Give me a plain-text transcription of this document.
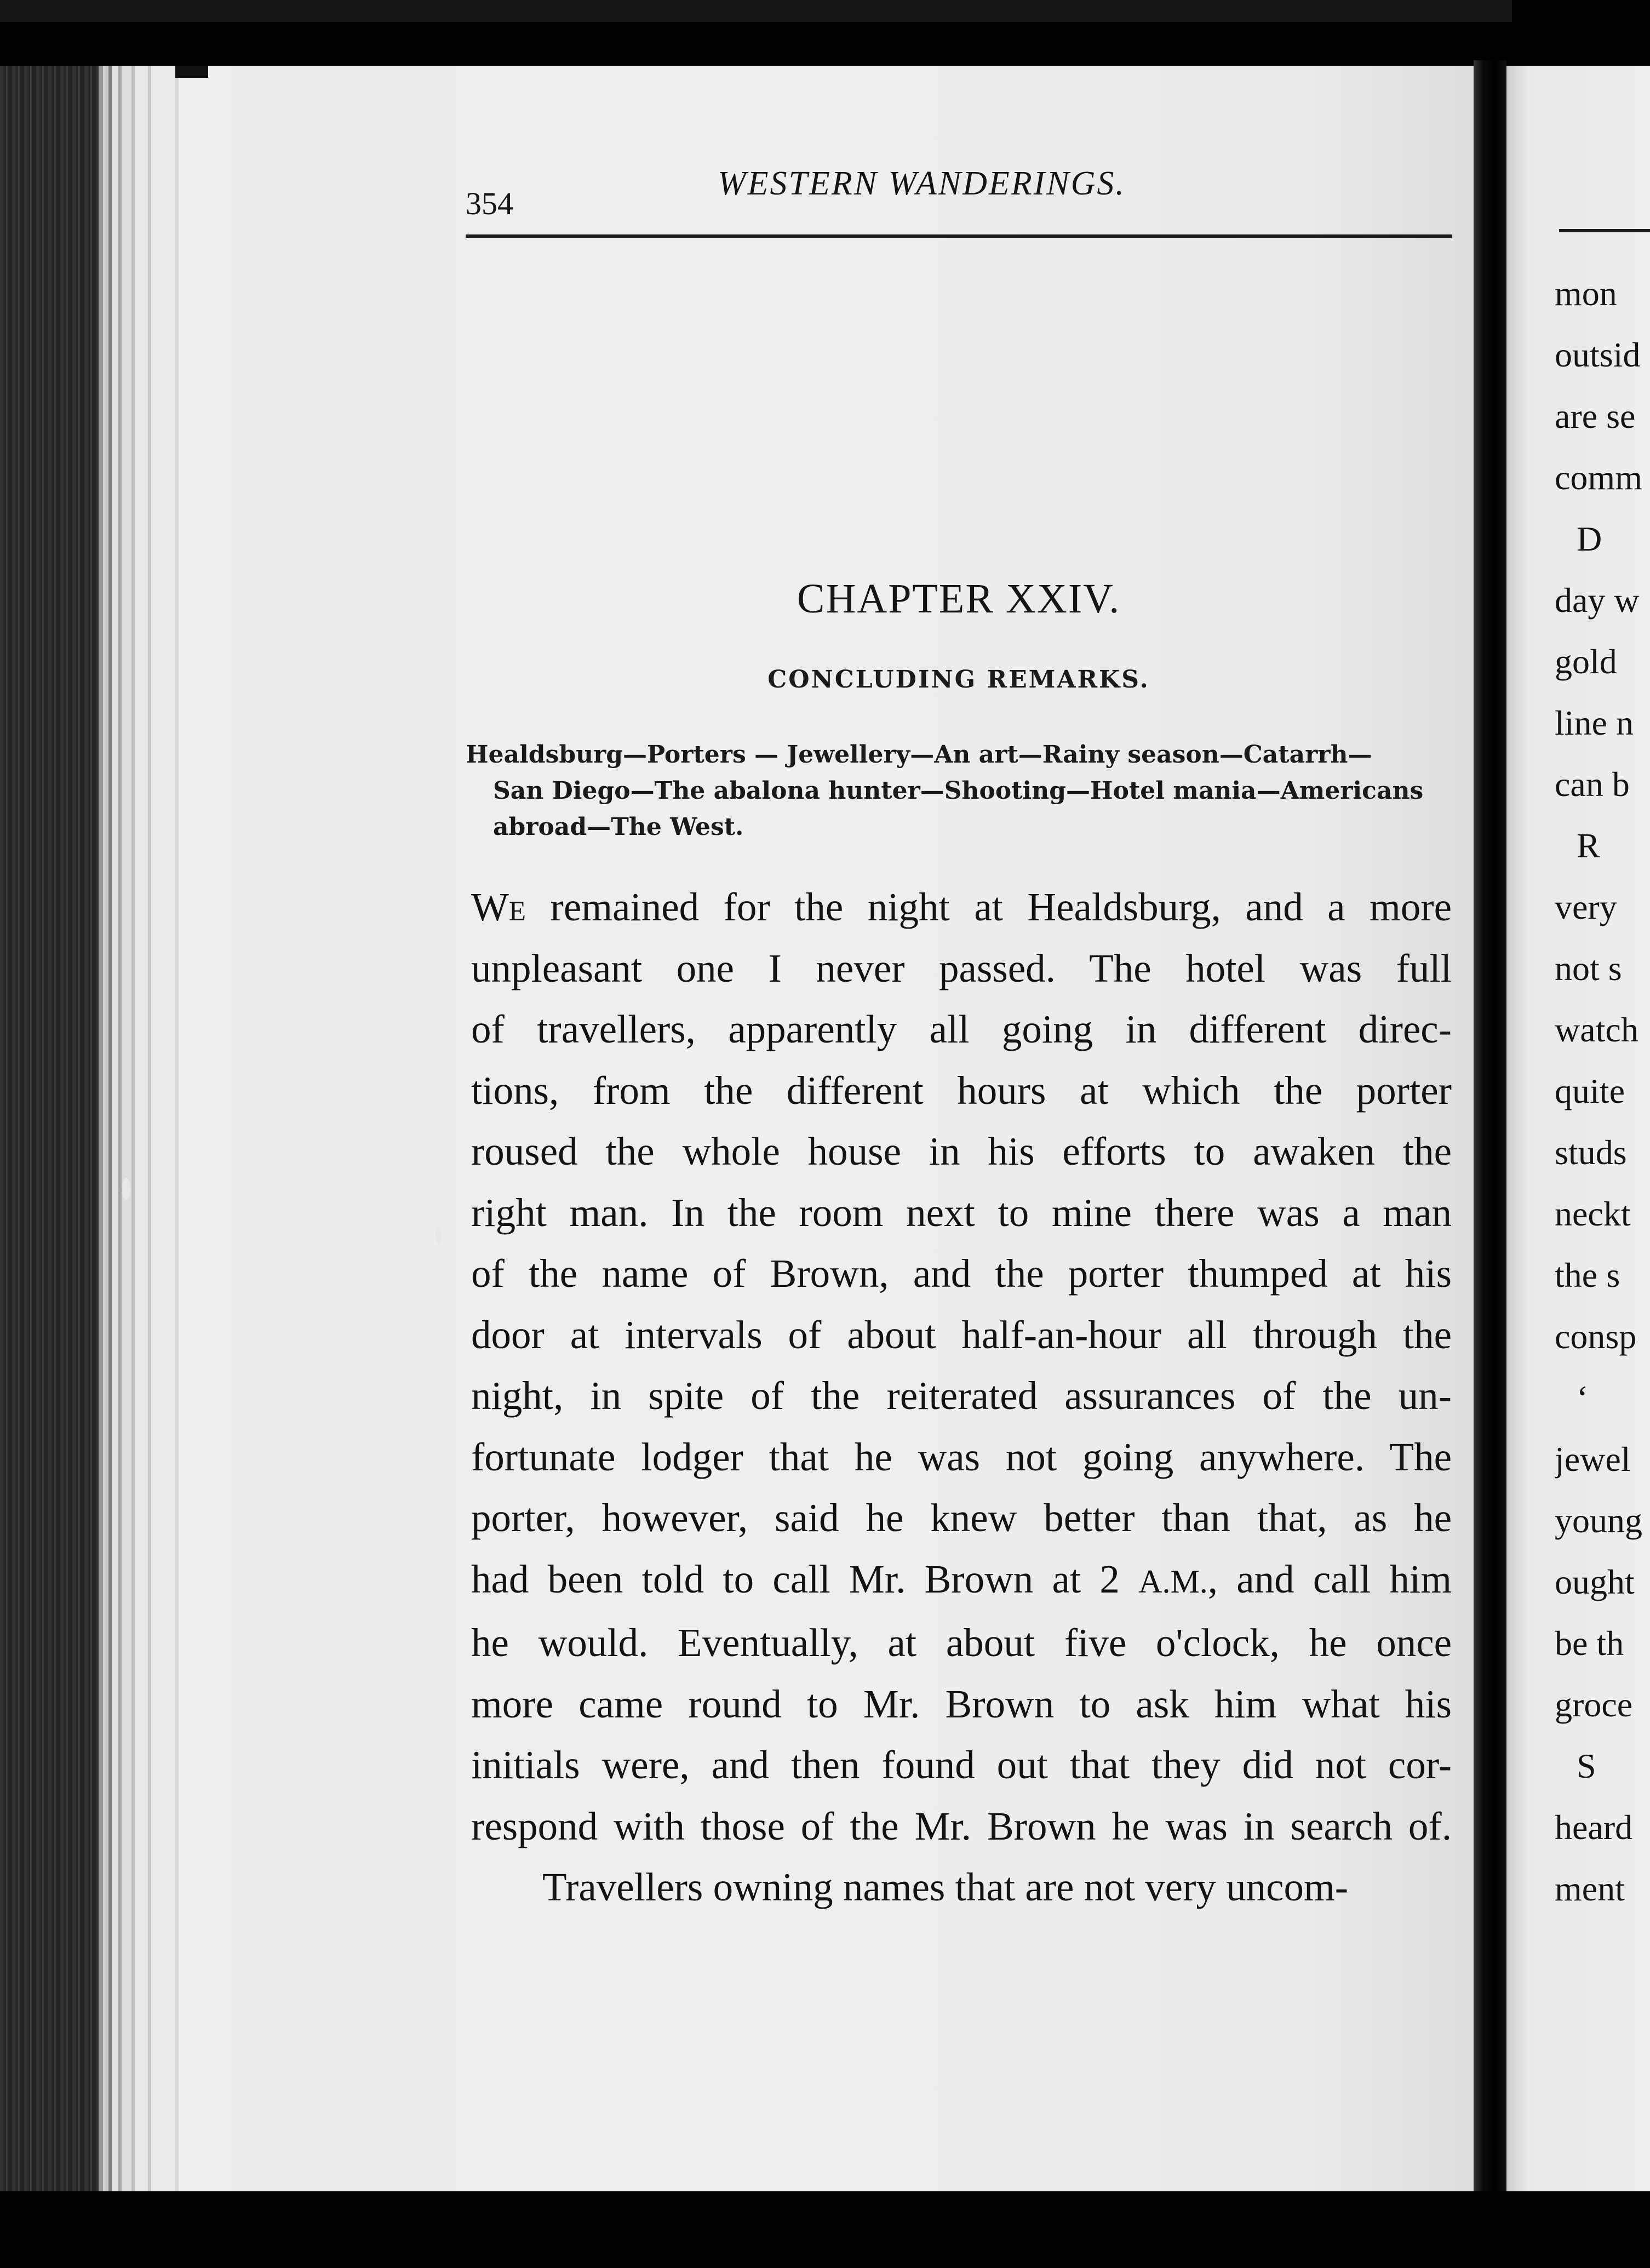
354
WESTERN WANDERINGS.
CHAPTER XXIV.
CONCLUDING REMARKS.
Healdsburg—Porters — Jewellery—An art—Rainy season—Catarrh—
San Diego—The abalona hunter—Shooting—Hotel mania—Americans
abroad—The West.
We remained for the night at Healdsburg, and a more
unpleasant one I never passed. The hotel was full
of travellers, apparently all going in different direc-
tions, from the different hours at which the porter
roused the whole house in his efforts to awaken the
right man. In the room next to mine there was a man
of the name of Brown, and the porter thumped at his
door at intervals of about half-an-hour all through the
night, in spite of the reiterated assurances of the un-
fortunate lodger that he was not going anywhere. The
porter, however, said he knew better than that, as he
had been told to call Mr. Brown at 2 A.M., and call him
he would. Eventually, at about five o'clock, he once
more came round to Mr. Brown to ask him what his
initials were, and then found out that they did not cor-
respond with those of the Mr. Brown he was in search of.
Travellers owning names that are not very uncom-
mon
outsid
are se
comm
D
day w
gold
line n
can b
R
very
not s
watch
quite
studs
neckt
the s
consp
‘
jewel
young
ought
be th
groce
S
heard
ment
